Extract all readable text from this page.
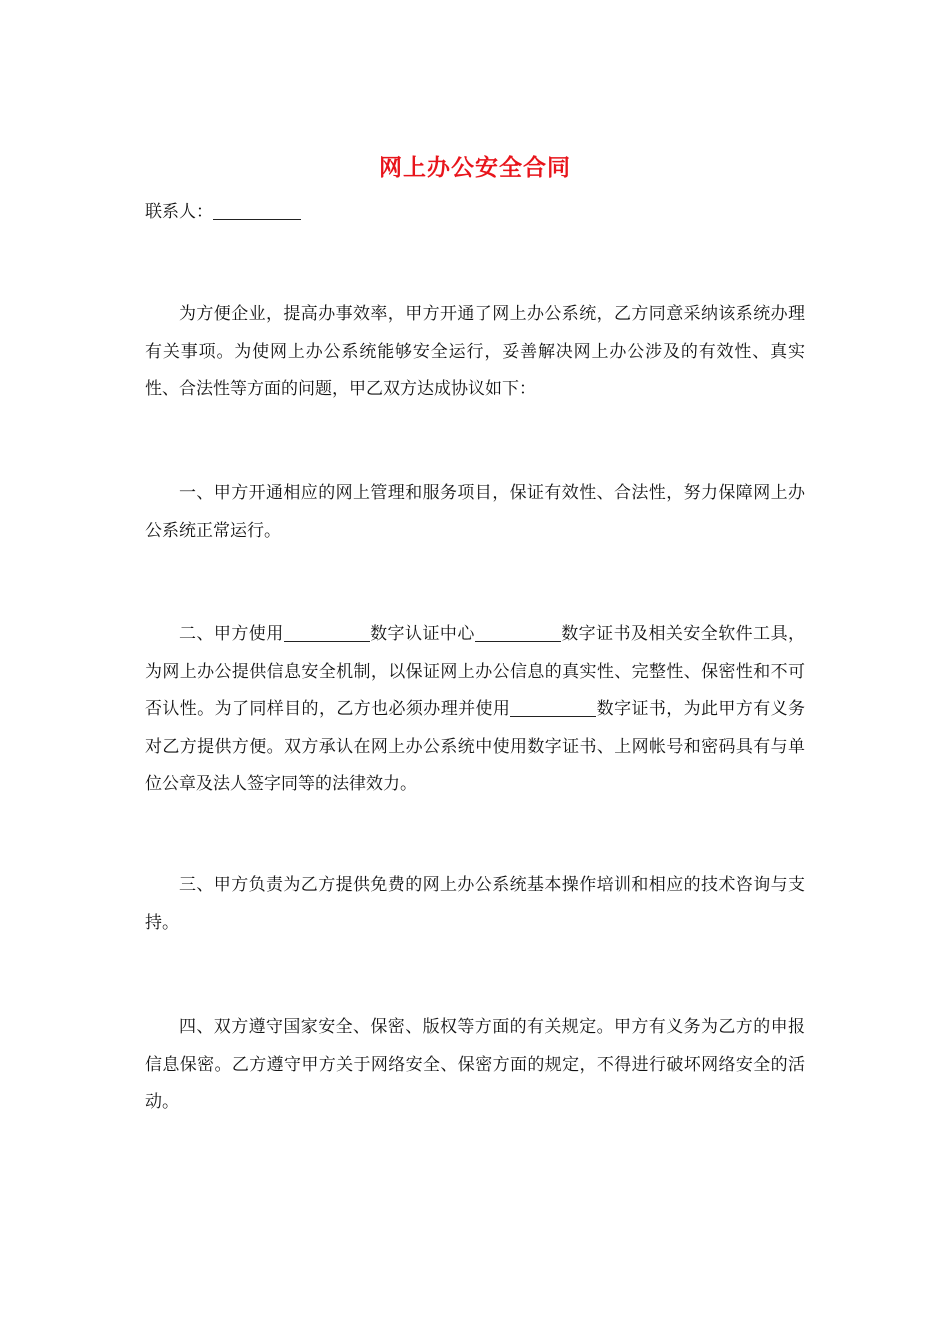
网上办公安全合同
联系人：

为方便企业，提高办事效率，甲方开通了网上办公系统，乙方同意采纳该系统办理有关事项。为使网上办公系统能够安全运行，妥善解决网上办公涉及的有效性、真实性、合法性等方面的问题，甲乙双方达成协议如下：

一、甲方开通相应的网上管理和服务项目，保证有效性、合法性，努力保障网上办公系统正常运行。

二、甲方使用	数字认证中心	数字证书及相关安全软件工具，为网上办公提供信息安全机制，以保证网上办公信息的真实性、完整性、保密性和不可否认性。为了同样目的，乙方也必须办理并使用	数字证书，为此甲方有义务对乙方提供方便。双方承认在网上办公系统中使用数字证书、上网帐号和密码具有与单位公章及法人签字同等的法律效力。

三、甲方负责为乙方提供免费的网上办公系统基本操作培训和相应的技术咨询与支持。

四、双方遵守国家安全、保密、版权等方面的有关规定。甲方有义务为乙方的申报信息保密。乙方遵守甲方关于网络安全、保密方面的规定，不得进行破坏网络安全的活动。
